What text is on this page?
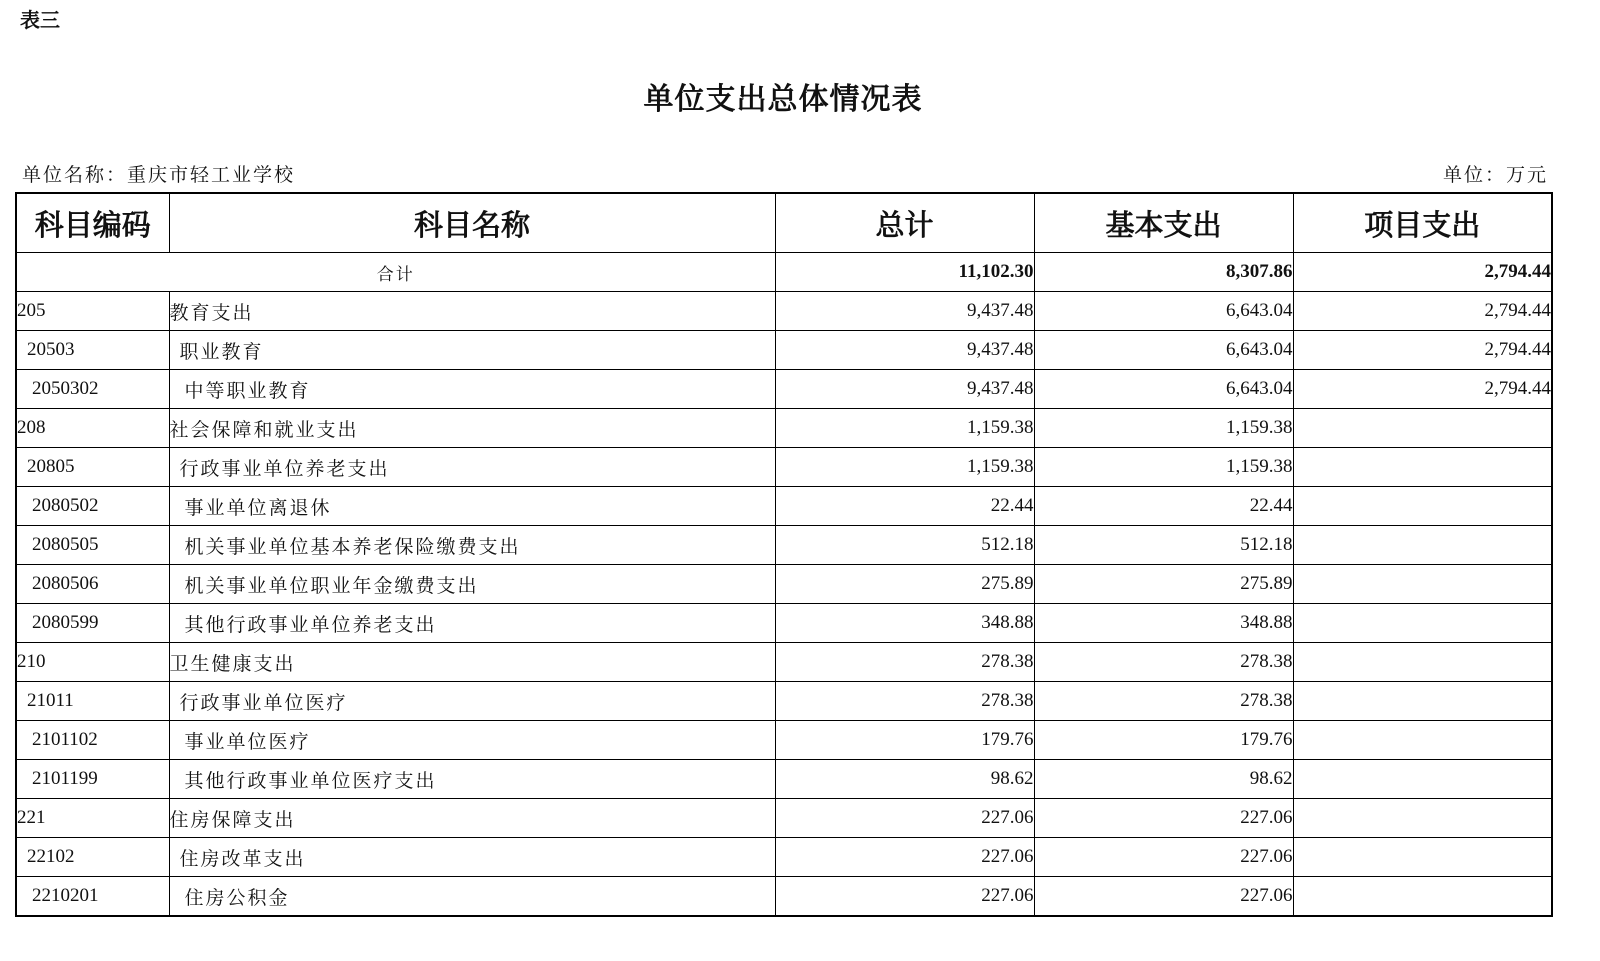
表三
单位支出总体情况表
单位名称：重庆市轻工业学校	单位：万元
科目编码	科目名称	总计	基本支出	项目支出
合计		11,102.30	8,307.86	2,794.44
205	教育支出	9,437.48	6,643.04	2,794.44
20503	职业教育	9,437.48	6,643.04	2,794.44
2050302	中等职业教育	9,437.48	6,643.04	2,794.44
208	社会保障和就业支出	1,159.38	1,159.38	
20805	行政事业单位养老支出	1,159.38	1,159.38	
2080502	事业单位离退休	22.44	22.44	
2080505	机关事业单位基本养老保险缴费支出	512.18	512.18	
2080506	机关事业单位职业年金缴费支出	275.89	275.89	
2080599	其他行政事业单位养老支出	348.88	348.88	
210	卫生健康支出	278.38	278.38	
21011	行政事业单位医疗	278.38	278.38	
2101102	事业单位医疗	179.76	179.76	
2101199	其他行政事业单位医疗支出	98.62	98.62	
221	住房保障支出	227.06	227.06	
22102	住房改革支出	227.06	227.06	
2210201	住房公积金	227.06	227.06	
